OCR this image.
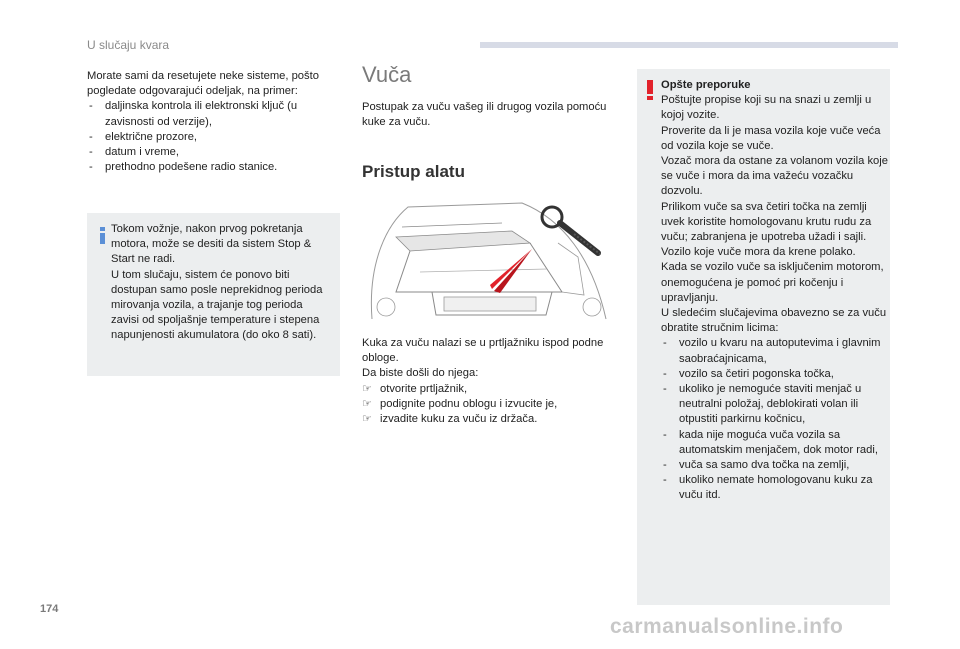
U slučaju kvara

Morate sami da resetujete neke sisteme, pošto pogledate odgovarajući odeljak, na primer:

- daljinska kontrola ili elektronski ključ (u zavisnosti od verzije),
- električne prozore,
- datum i vreme,
- prethodno podešene radio stanice.
Tokom vožnje, nakon prvog pokretanja motora, može se desiti da sistem Stop & Start ne radi.
U tom slučaju, sistem će ponovo biti dostupan samo posle neprekidnog perioda mirovanja vozila, a trajanje tog perioda zavisi od spoljašnje temperature i stepena napunjenosti akumulatora (do oko 8 sati).
Vuča
Postupak za vuču vašeg ili drugog vozila pomoću kuke za vuču.
Pristup alatu

Kuka za vuču nalazi se u prtljažniku ispod podne obloge.
Da biste došli do njega:

☞ otvorite prtljažnik,
☞ podignite podnu oblogu i izvucite je,
☞ izvadite kuku za vuču iz držača.

Opšte preporuke

Poštujte propise koji su na snazi u zemlji u kojoj vozite.

Proverite da li je masa vozila koje vuče veća od vozila koje se vuče.

Vozač mora da ostane za volanom vozila koje se vuče i mora da ima važeću vozačku dozvolu.

Prilikom vuče sa sva četiri točka na zemlji uvek koristite homologovanu krutu rudu za vuču; zabranjena je upotreba užadi i sajli.

Vozilo koje vuče mora da krene polako.

Kada se vozilo vuče sa isključenim motorom, onemogućena je pomoć pri kočenju i upravljanju.

U sledećim slučajevima obavezno se za vuču obratite stručnim licima:

- vozilo u kvaru na autoputevima i glavnim saobraćajnicama,
- vozilo sa četiri pogonska točka,
- ukoliko je nemoguće staviti menjač u neutralni položaj, deblokirati volan ili otpustiti parkirnu kočnicu,
- kada nije moguća vuča vozila sa automatskim menjačem, dok motor radi,
- vuča sa samo dva točka na zemlji,
- ukoliko nemate homologovanu kuku za vuču itd.
174
carmanualsonline.info
